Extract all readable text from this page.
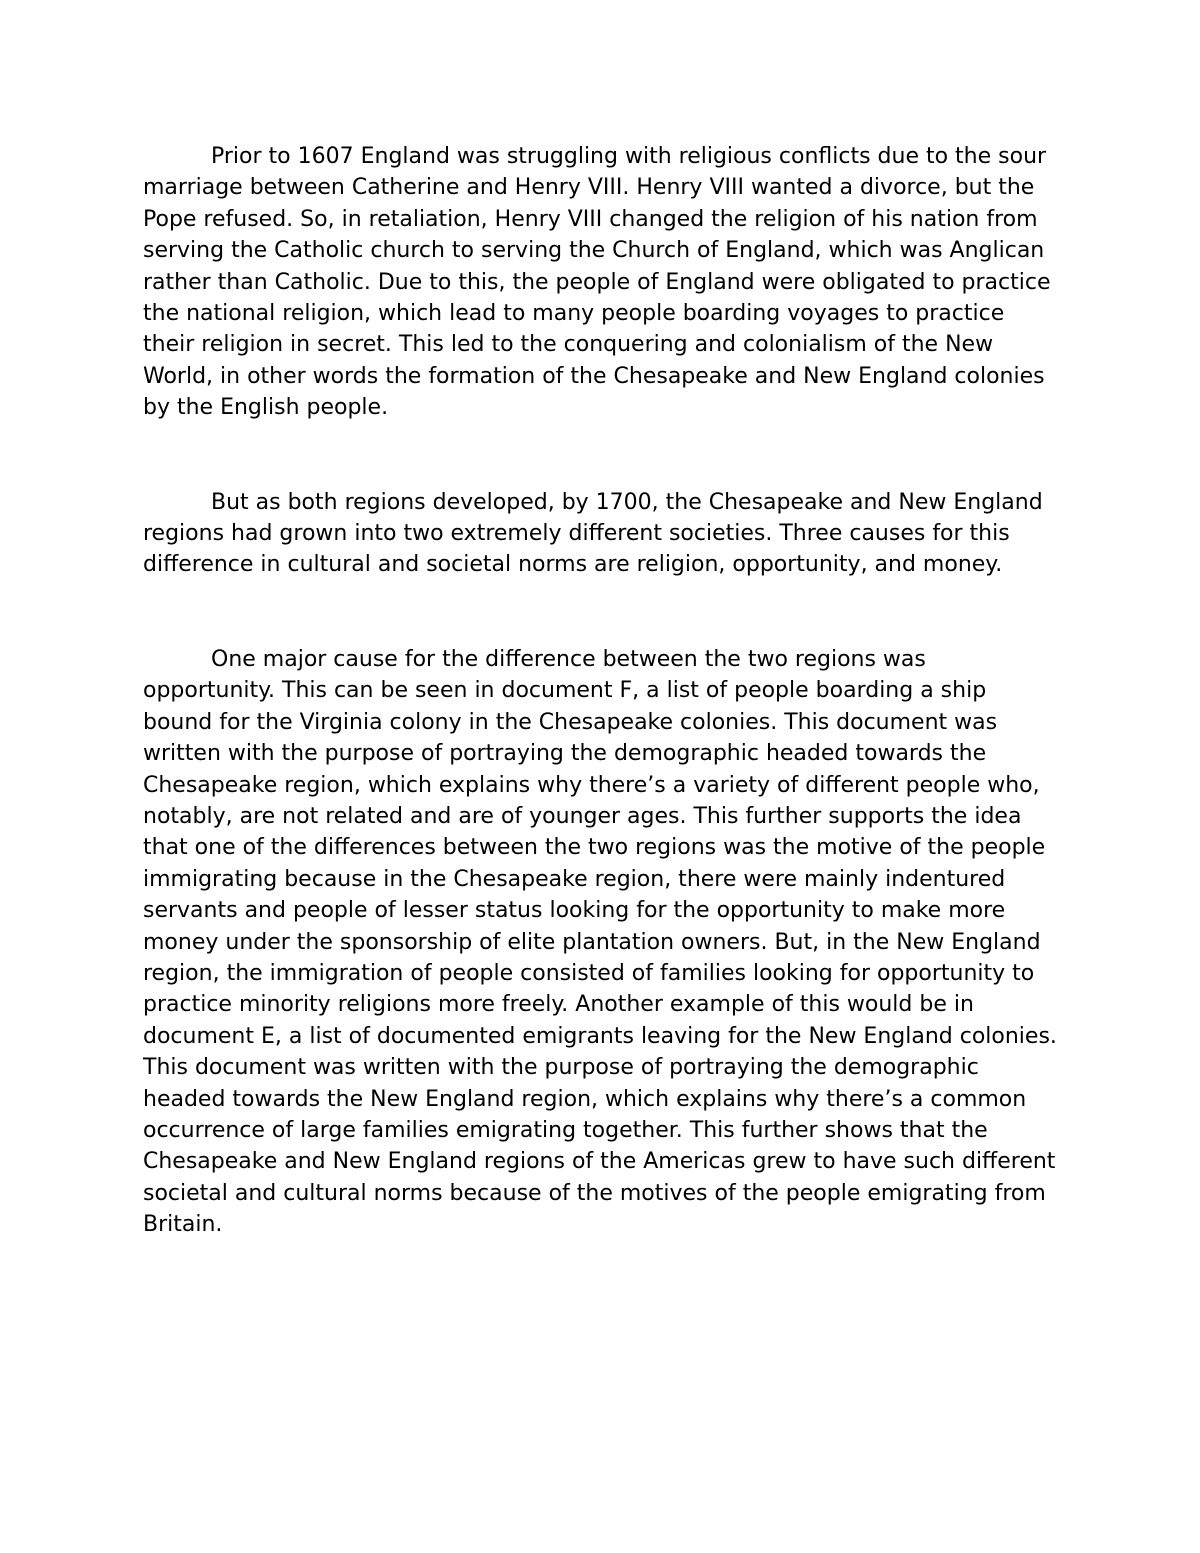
Prior to 1607 England was struggling with religious conflicts due to the sour marriage between Catherine and Henry VIII. Henry VIII wanted a divorce, but the Pope refused. So, in retaliation, Henry VIII changed the religion of his nation from serving the Catholic church to serving the Church of England, which was Anglican rather than Catholic. Due to this, the people of England were obligated to practice the national religion, which lead to many people boarding voyages to practice their religion in secret. This led to the conquering and colonialism of the New World, in other words the formation of the Chesapeake and New England colonies by the English people.

But as both regions developed, by 1700, the Chesapeake and New England regions had grown into two extremely different societies. Three causes for this difference in cultural and societal norms are religion, opportunity, and money.

One major cause for the difference between the two regions was opportunity. This can be seen in document F, a list of people boarding a ship bound for the Virginia colony in the Chesapeake colonies. This document was written with the purpose of portraying the demographic headed towards the Chesapeake region, which explains why there’s a variety of different people who, notably, are not related and are of younger ages. This further supports the idea that one of the differences between the two regions was the motive of the people immigrating because in the Chesapeake region, there were mainly indentured servants and people of lesser status looking for the opportunity to make more money under the sponsorship of elite plantation owners. But, in the New England region, the immigration of people consisted of families looking for opportunity to practice minority religions more freely. Another example of this would be in document E, a list of documented emigrants leaving for the New England colonies. This document was written with the purpose of portraying the demographic headed towards the New England region, which explains why there’s a common occurrence of large families emigrating together. This further shows that the Chesapeake and New England regions of the Americas grew to have such different societal and cultural norms because of the motives of the people emigrating from Britain.
